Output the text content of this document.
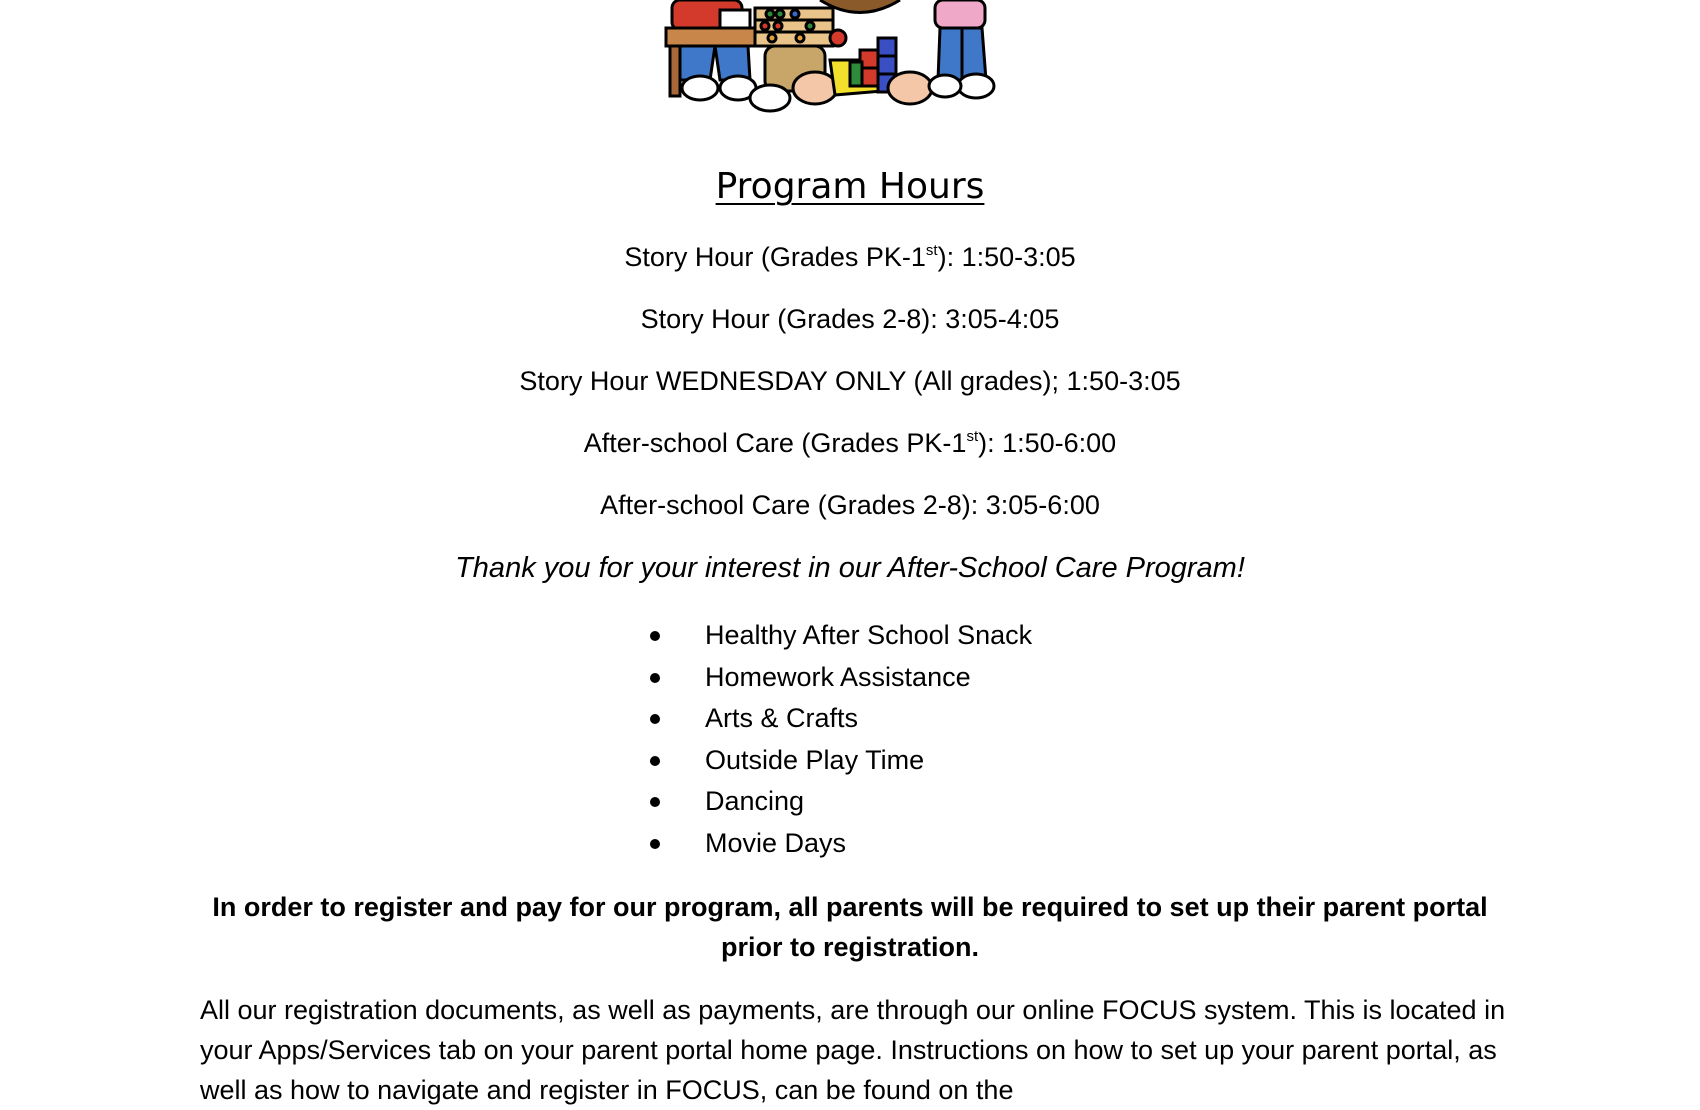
Program Hours
Story Hour (Grades PK-1st): 1:50-3:05
Story Hour (Grades 2-8): 3:05-4:05
Story Hour WEDNESDAY ONLY (All grades); 1:50-3:05
After-school Care (Grades PK-1st): 1:50-6:00
After-school Care (Grades 2-8): 3:05-6:00
Thank you for your interest in our After-School Care Program!
Healthy After School Snack
Homework Assistance
Arts & Crafts
Outside Play Time
Dancing
Movie Days
In order to register and pay for our program, all parents will be required to set up their parent portal prior to registration.
All our registration documents, as well as payments, are through our online FOCUS system. This is located in your Apps/Services tab on your parent portal home page. Instructions on how to set up your parent portal, as well as how to navigate and register in FOCUS, can be found on the
